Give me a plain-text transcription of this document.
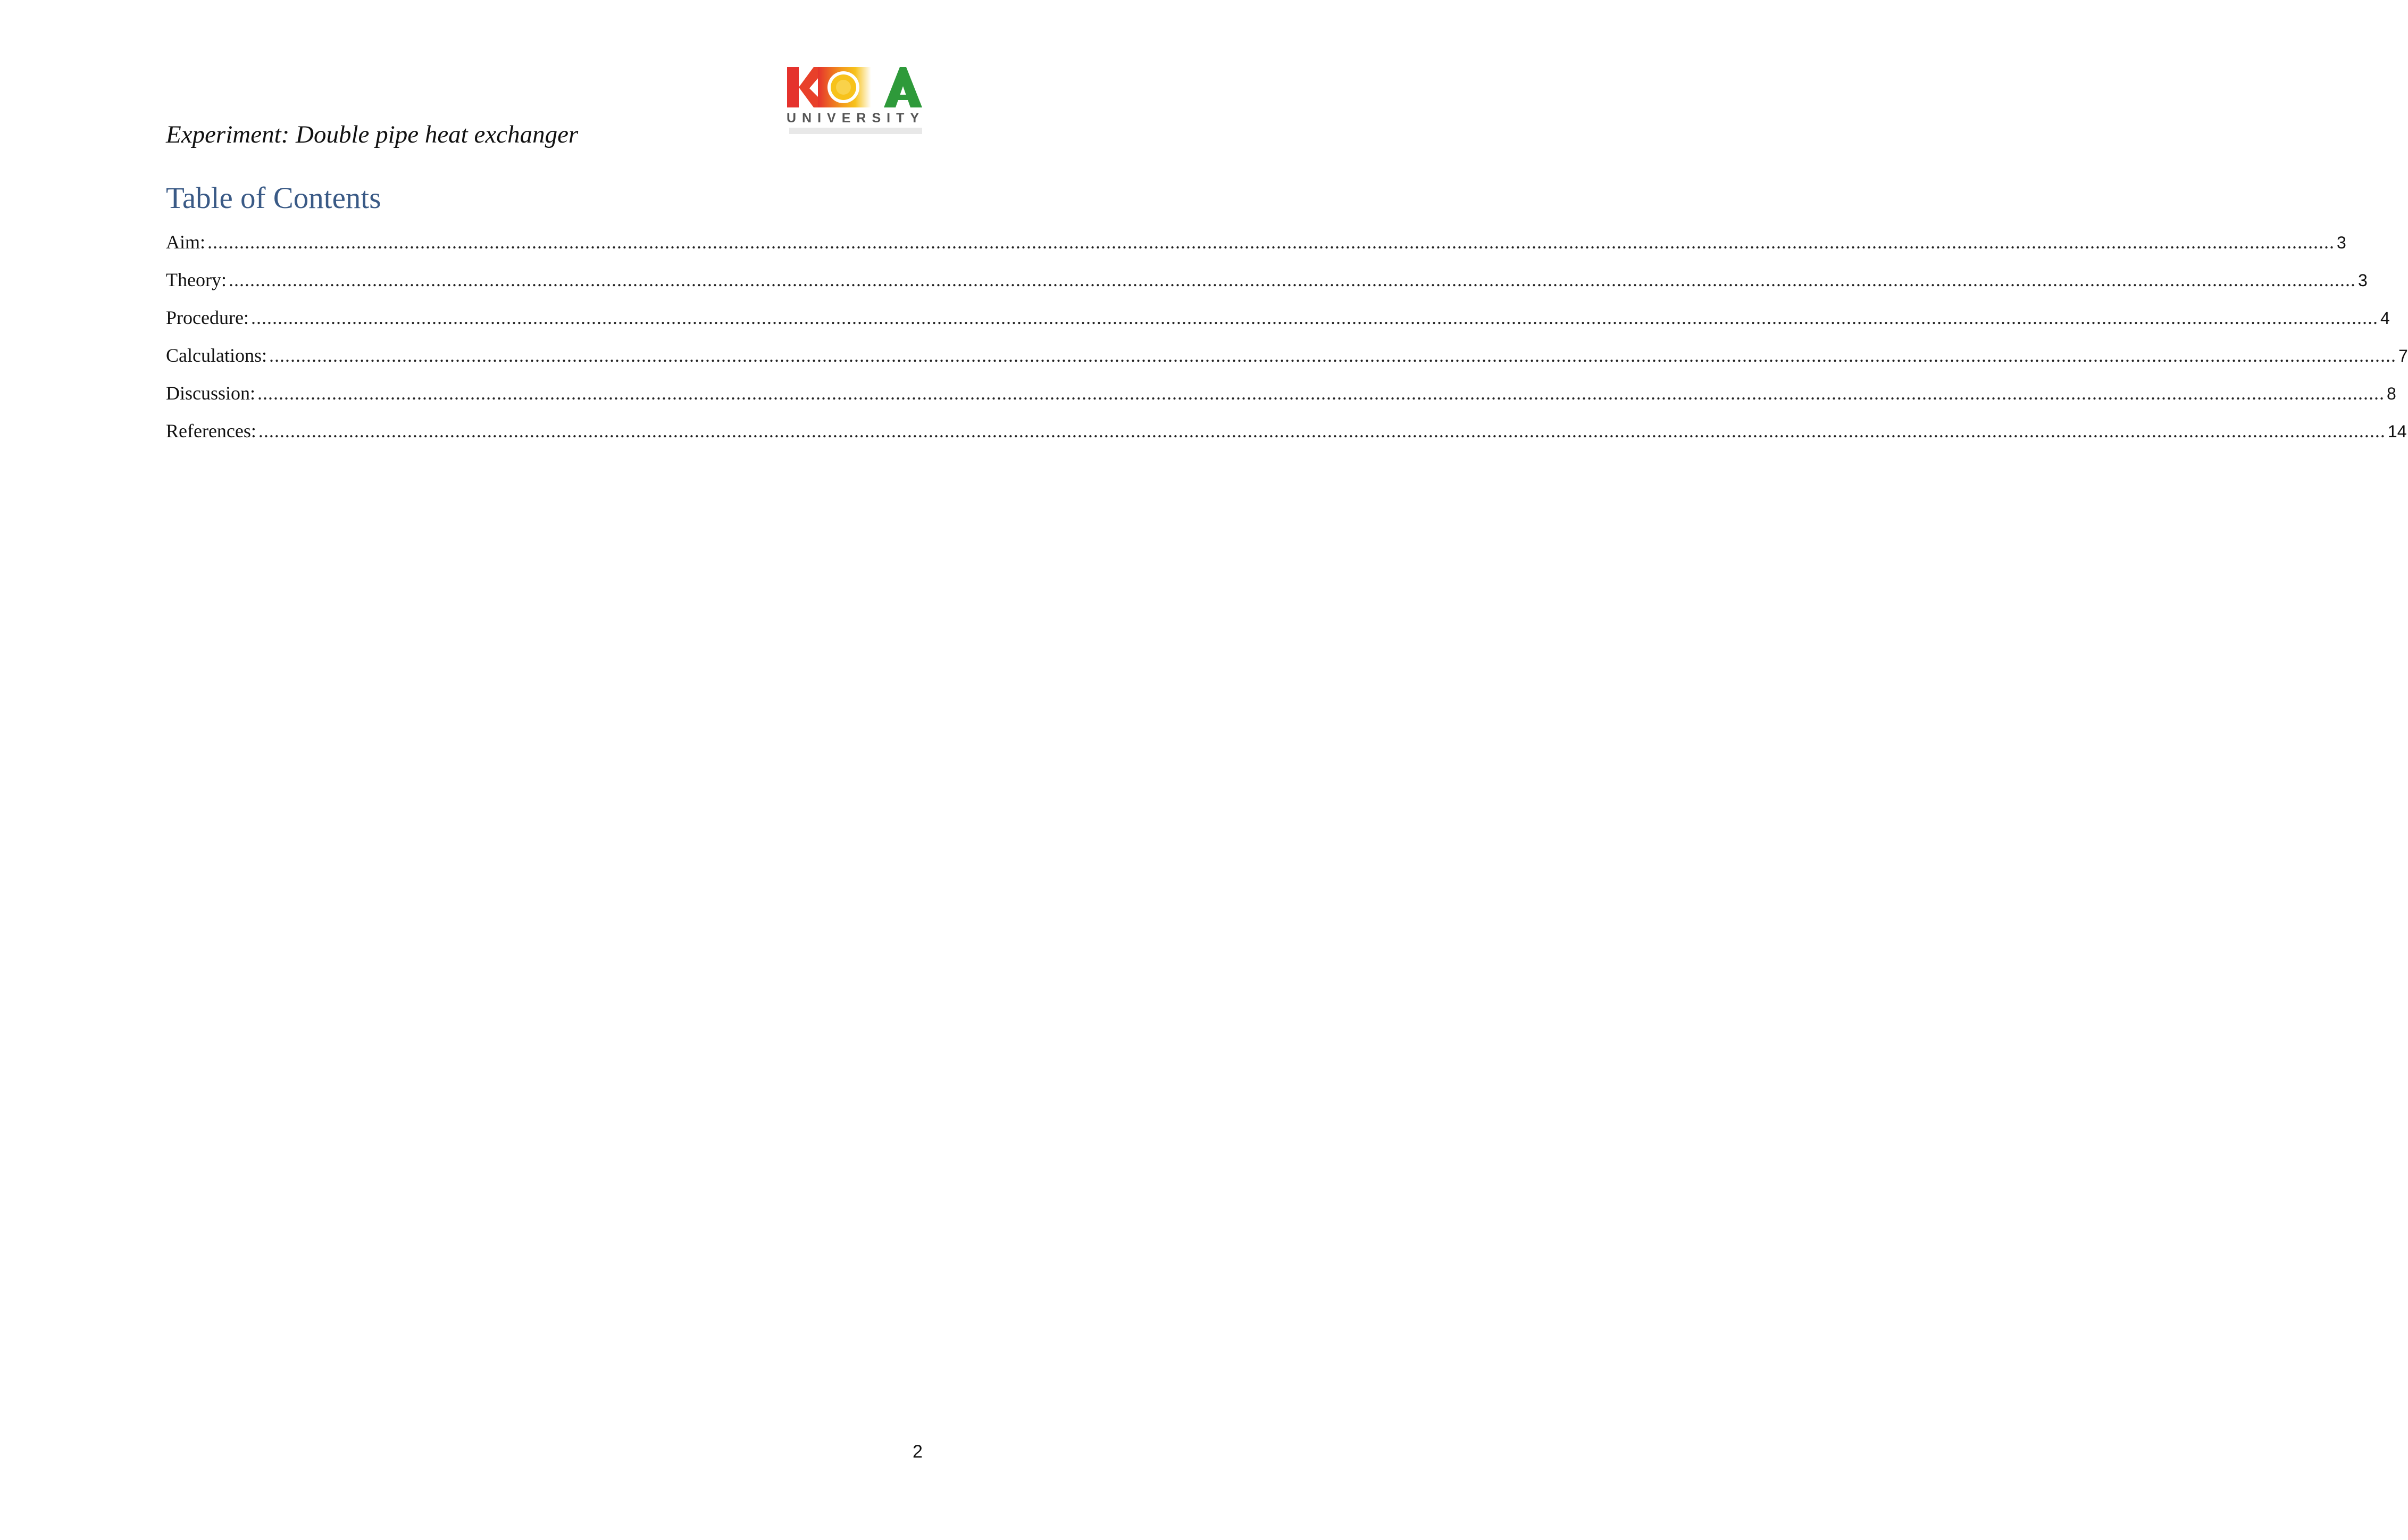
UNIVERSITY
Experiment: Double pipe heat exchanger
Table of Contents
Aim: ................................................................................................................................................................................................................................................................................................................................................................................................................ 3
Theory: ................................................................................................................................................................................................................................................................................................................................................................................................................ 3
Procedure: ................................................................................................................................................................................................................................................................................................................................................................................................................ 4
Calculations: ................................................................................................................................................................................................................................................................................................................................................................................................................ 7
Discussion: ................................................................................................................................................................................................................................................................................................................................................................................................................ 8
References: ................................................................................................................................................................................................................................................................................................................................................................................................................ 14
2
